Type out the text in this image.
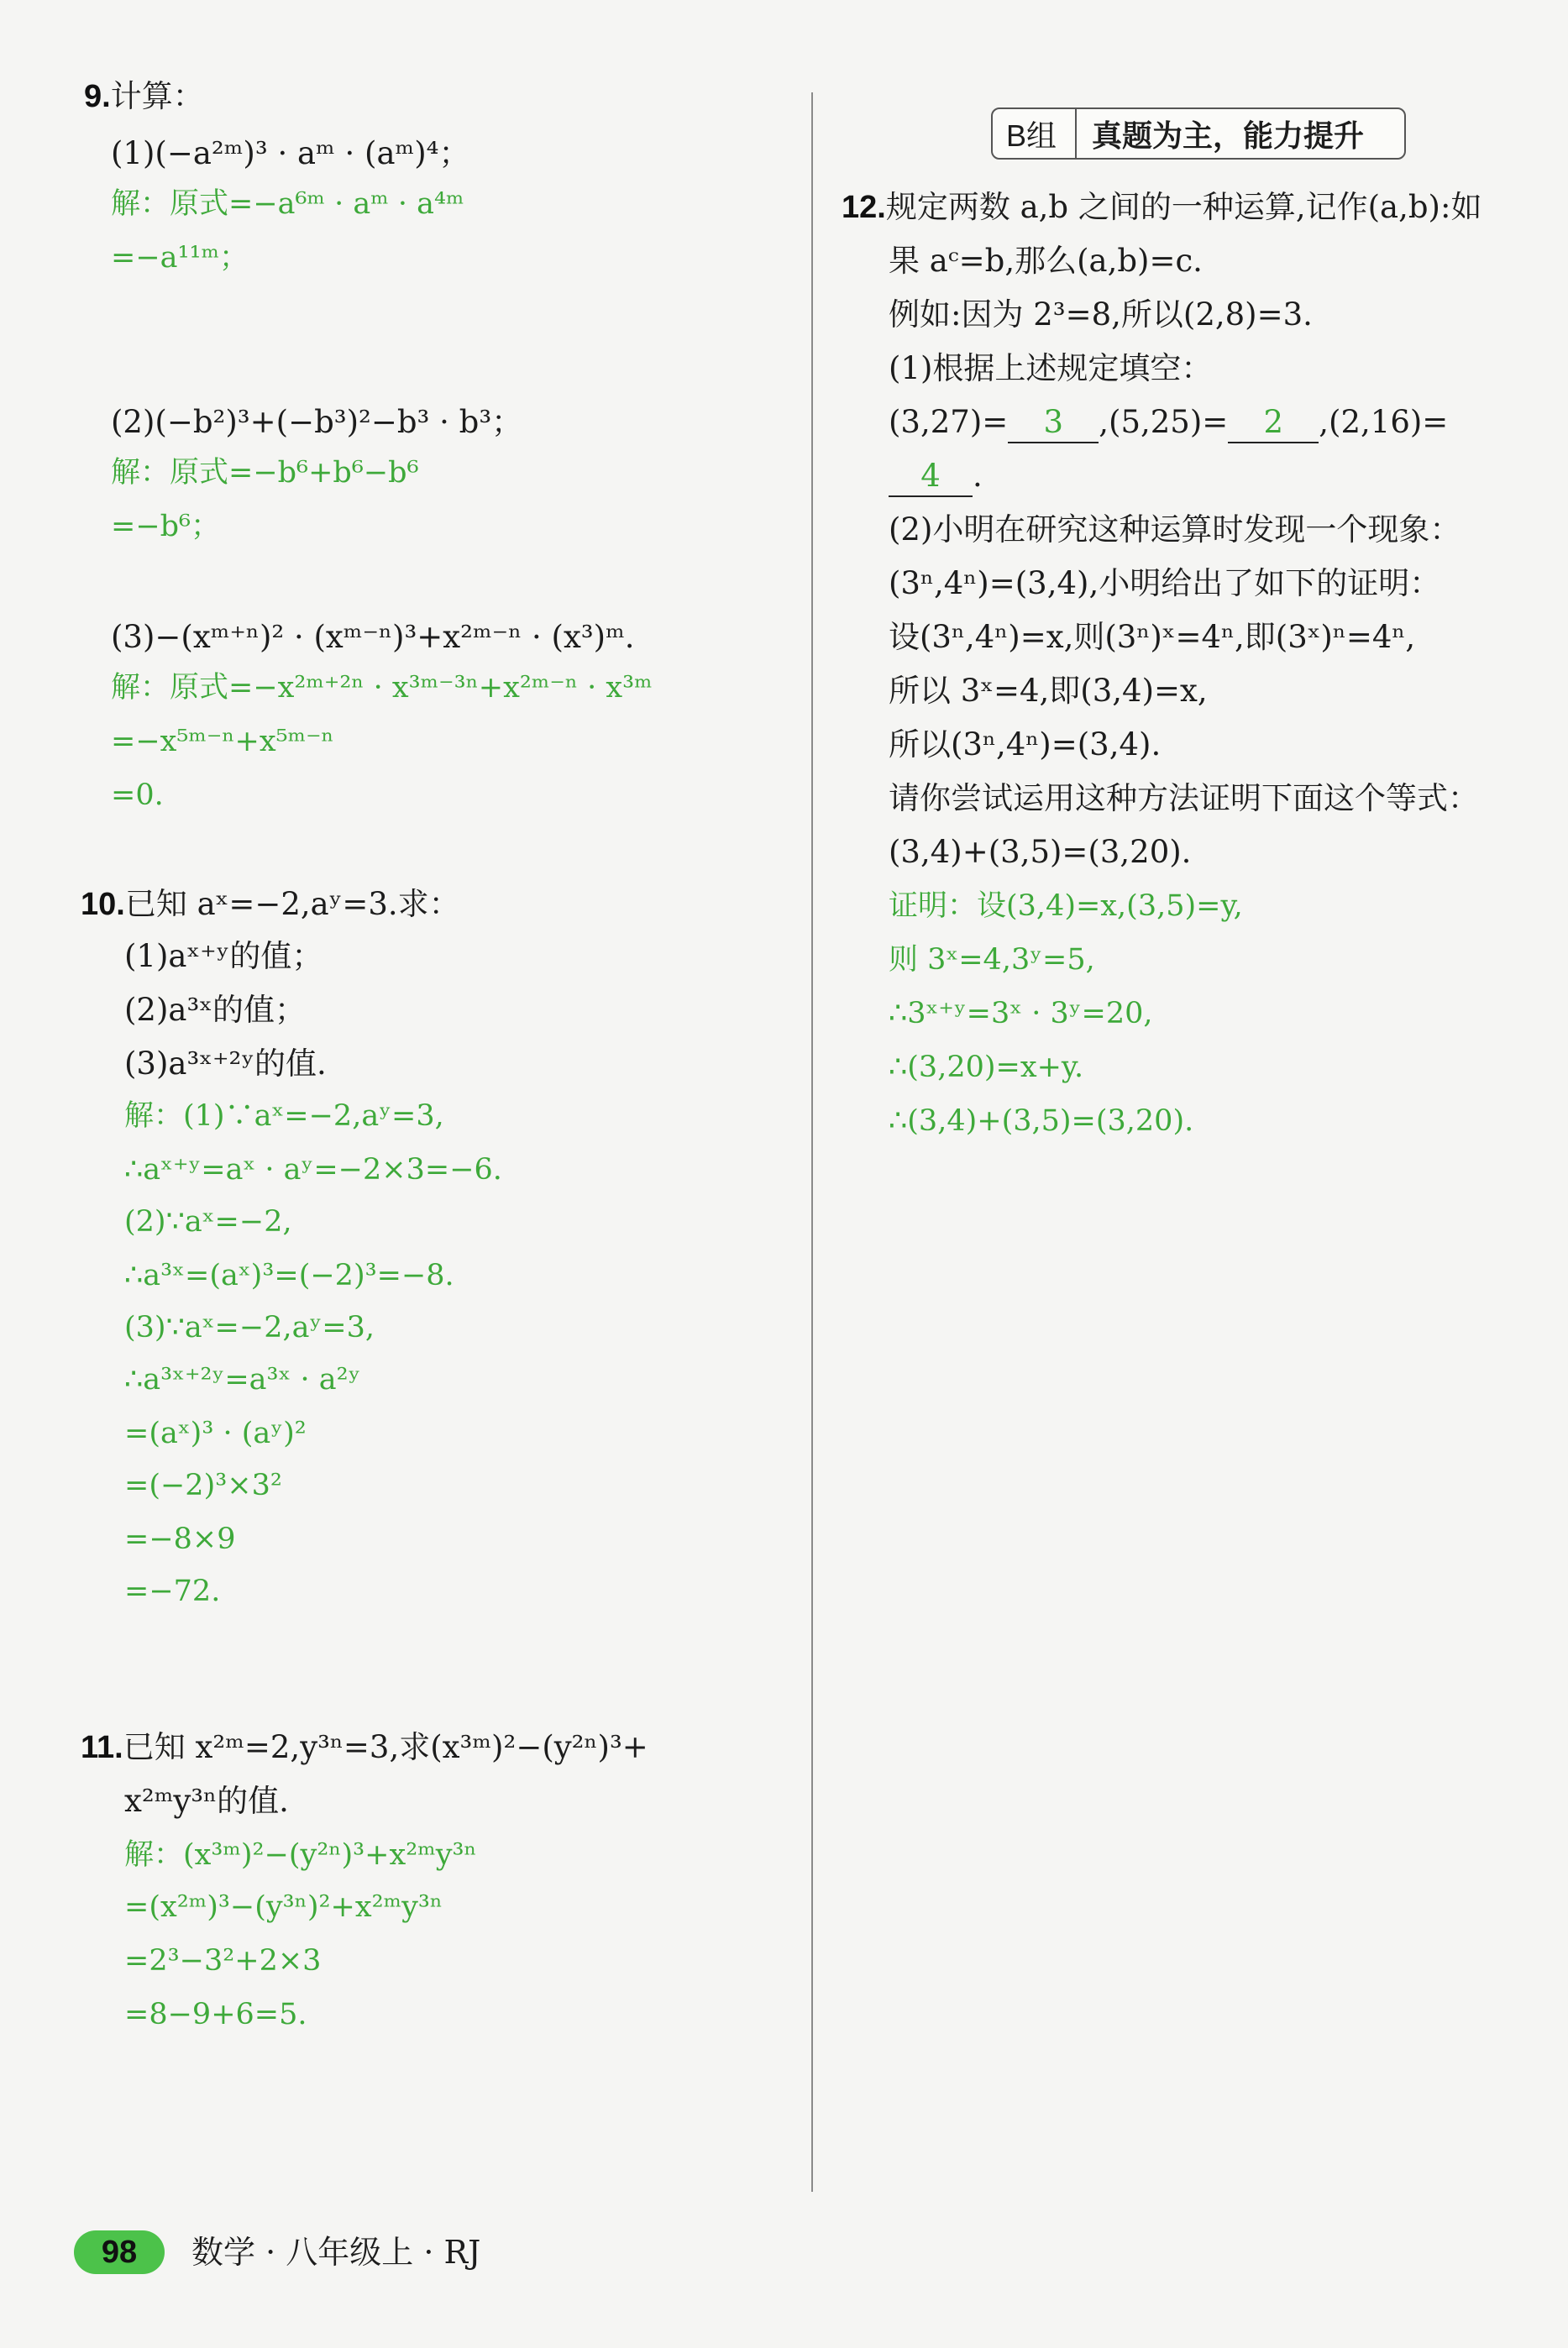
9.计算：
(1)(−a²ᵐ)³ · aᵐ · (aᵐ)⁴；
解：原式=−a⁶ᵐ · aᵐ · a⁴ᵐ
=−a¹¹ᵐ；
(2)(−b²)³+(−b³)²−b³ · b³；
解：原式=−b⁶+b⁶−b⁶
=−b⁶；
(3)−(xᵐ⁺ⁿ)² · (xᵐ⁻ⁿ)³+x²ᵐ⁻ⁿ · (x³)ᵐ.
解：原式=−x²ᵐ⁺²ⁿ · x³ᵐ⁻³ⁿ+x²ᵐ⁻ⁿ · x³ᵐ
=−x⁵ᵐ⁻ⁿ+x⁵ᵐ⁻ⁿ
=0.
10.已知 aˣ=−2,aʸ=3.求：
(1)aˣ⁺ʸ的值；
(2)a³ˣ的值；
(3)a³ˣ⁺²ʸ的值.
解：(1)∵aˣ=−2,aʸ=3,
∴aˣ⁺ʸ=aˣ · aʸ=−2×3=−6.
(2)∵aˣ=−2,
∴a³ˣ=(aˣ)³=(−2)³=−8.
(3)∵aˣ=−2,aʸ=3,
∴a³ˣ⁺²ʸ=a³ˣ · a²ʸ
=(aˣ)³ · (aʸ)²
=(−2)³×3²
=−8×9
=−72.
11.已知 x²ᵐ=2,y³ⁿ=3,求(x³ᵐ)²−(y²ⁿ)³+
x²ᵐy³ⁿ的值.
解：(x³ᵐ)²−(y²ⁿ)³+x²ᵐy³ⁿ
=(x²ᵐ)³−(y³ⁿ)²+x²ᵐy³ⁿ
=2³−3²+2×3
=8−9+6=5.
B组	真题为主，能力提升
12.规定两数 a,b 之间的一种运算,记作(a,b):如
果 aᶜ=b,那么(a,b)=c.
例如:因为 2³=8,所以(2,8)=3.
(1)根据上述规定填空：
(3,27)= 3 ,(5,25)= 2 ,(2,16)=
4 .
(2)小明在研究这种运算时发现一个现象：
(3ⁿ,4ⁿ)=(3,4),小明给出了如下的证明：
设(3ⁿ,4ⁿ)=x,则(3ⁿ)ˣ=4ⁿ,即(3ˣ)ⁿ=4ⁿ,
所以 3ˣ=4,即(3,4)=x,
所以(3ⁿ,4ⁿ)=(3,4).
请你尝试运用这种方法证明下面这个等式：
(3,4)+(3,5)=(3,20).
证明：设(3,4)=x,(3,5)=y,
则 3ˣ=4,3ʸ=5,
∴3ˣ⁺ʸ=3ˣ · 3ʸ=20,
∴(3,20)=x+y.
∴(3,4)+(3,5)=(3,20).
98	数学 · 八年级上 · RJ
